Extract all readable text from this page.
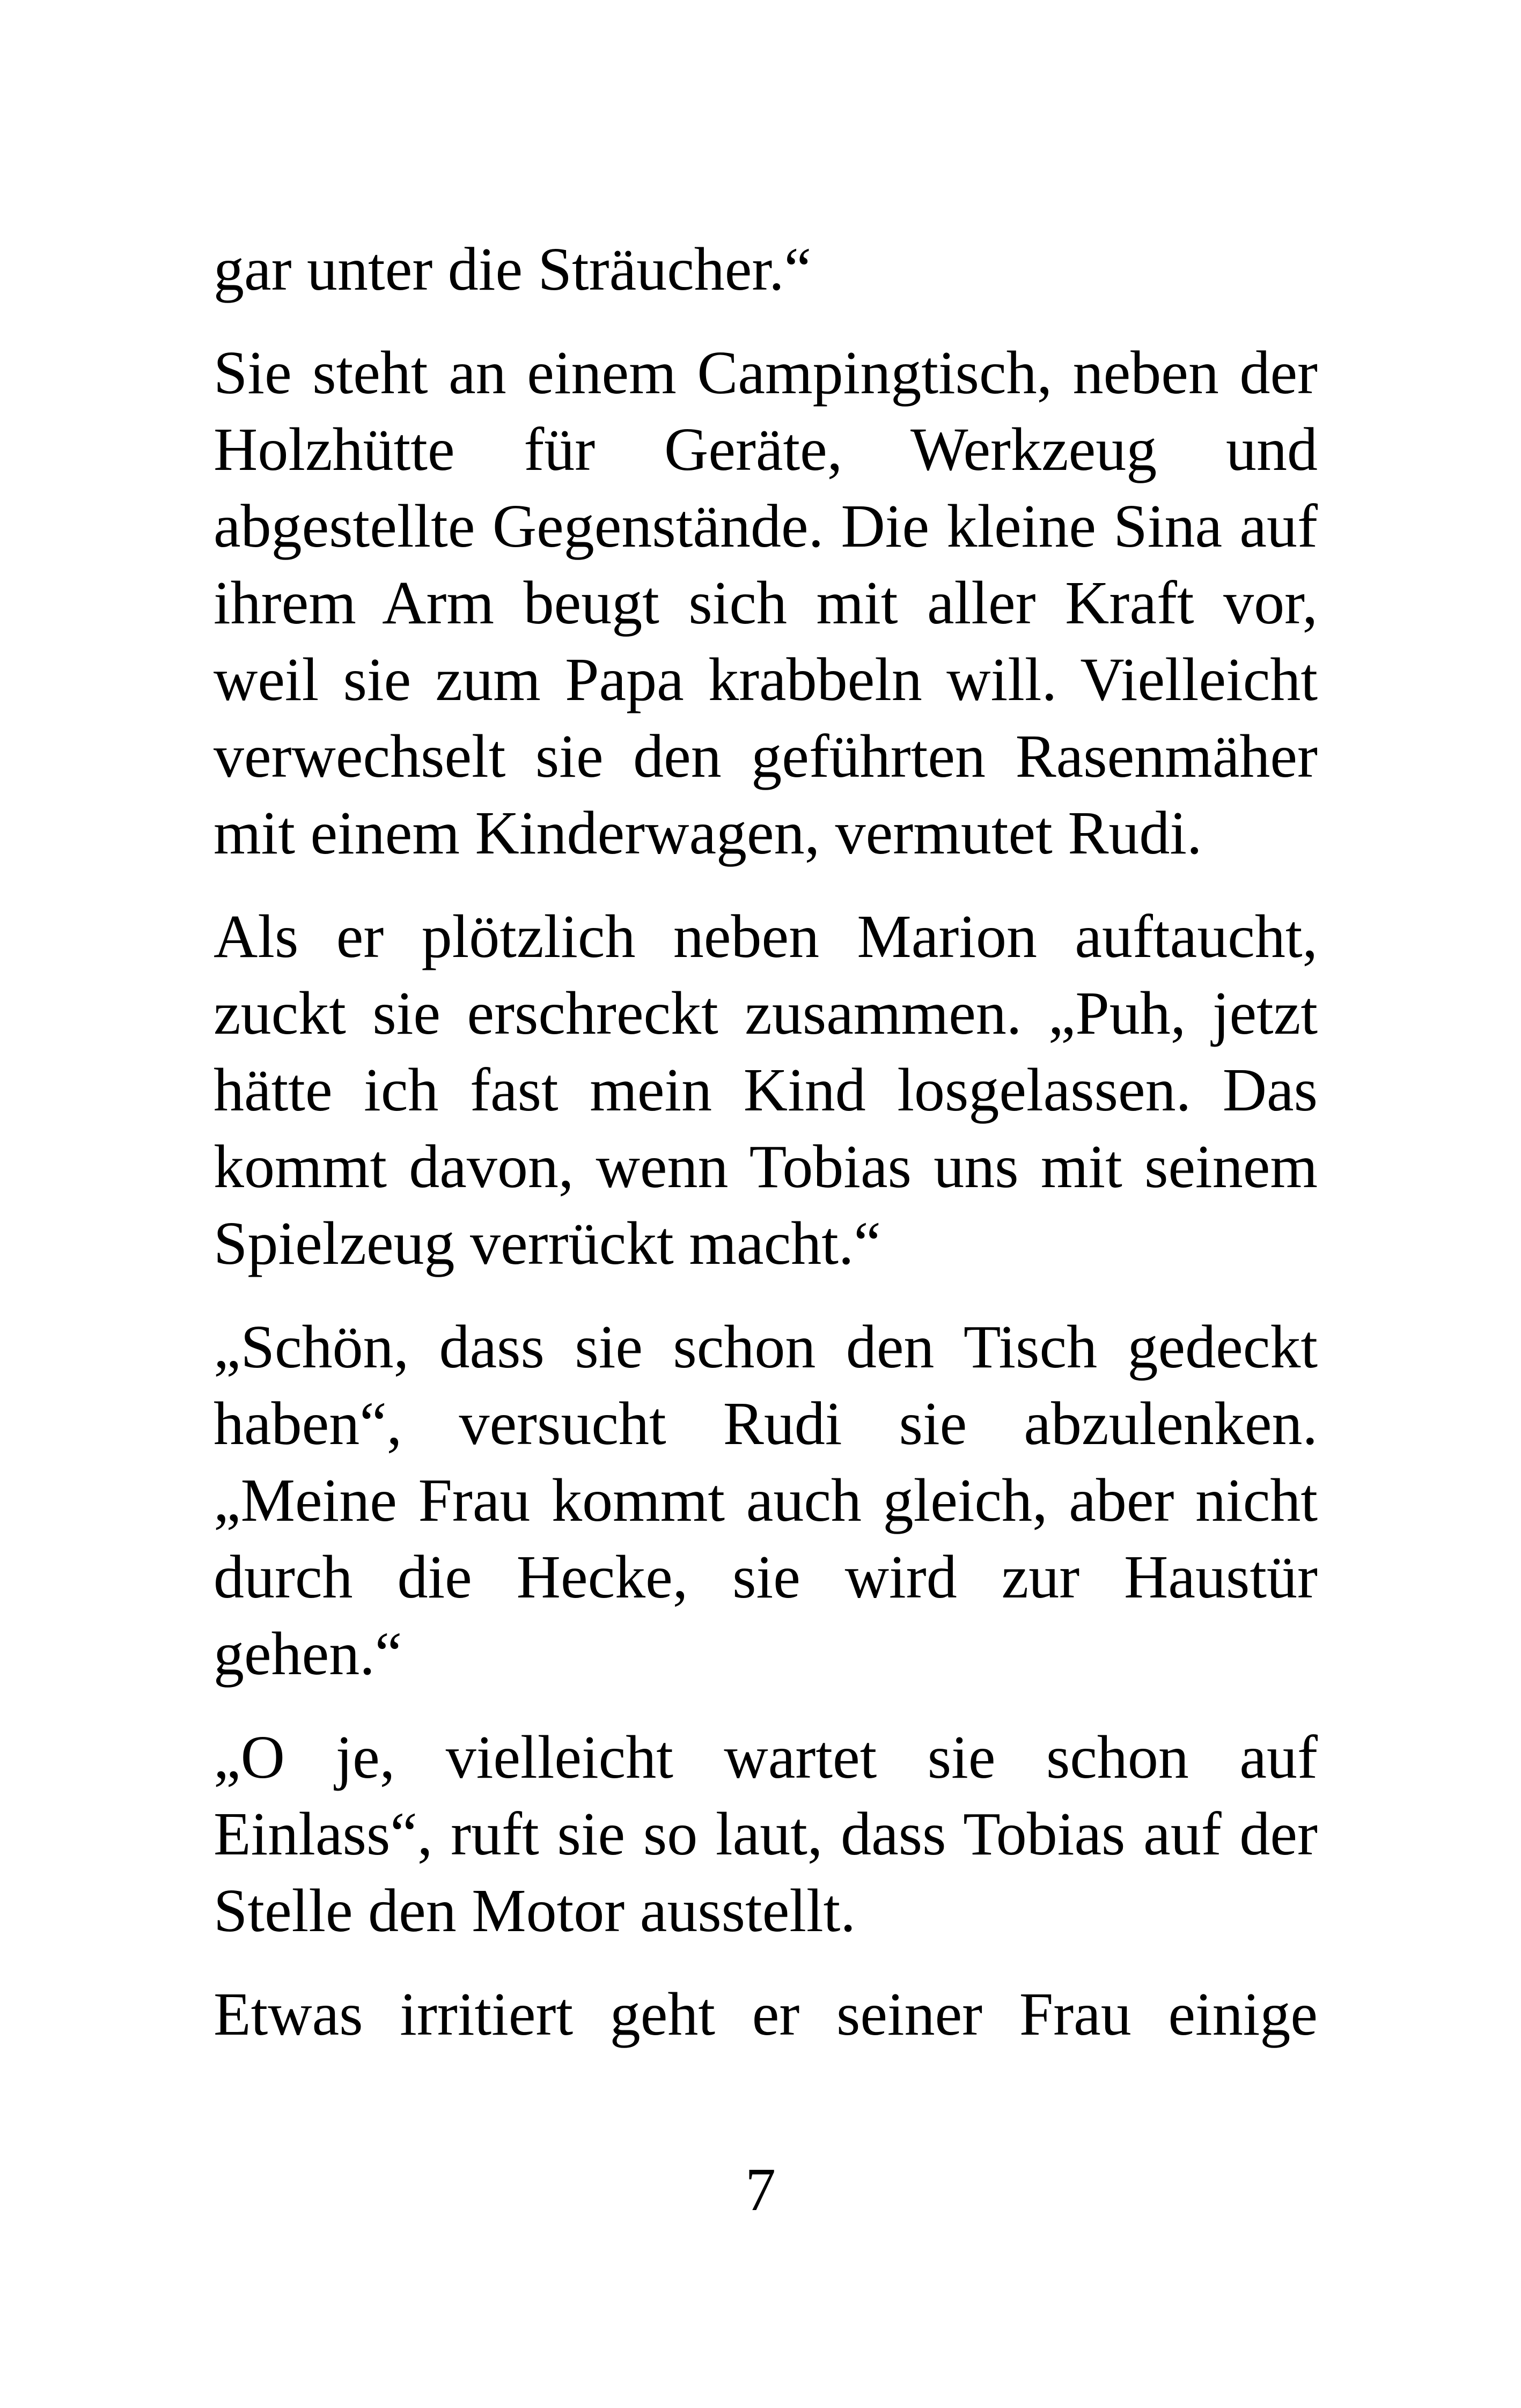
gar unter die Sträucher.“

Sie steht an einem Campingtisch, neben der Holzhütte für Geräte, Werkzeug und abgestellte Gegenstände. Die kleine Sina auf ihrem Arm beugt sich mit aller Kraft vor, weil sie zum Papa krabbeln will. Vielleicht verwechselt sie den geführten Rasenmäher mit einem Kinderwagen, vermutet Rudi.

Als er plötzlich neben Marion auftaucht, zuckt sie erschreckt zusammen. „Puh, jetzt hätte ich fast mein Kind losgelassen. Das kommt davon, wenn Tobias uns mit seinem Spielzeug verrückt macht.“

„Schön, dass sie schon den Tisch gedeckt haben“, versucht Rudi sie abzulenken. „Meine Frau kommt auch gleich, aber nicht durch die Hecke, sie wird zur Haustür gehen.“

„O je, vielleicht wartet sie schon auf Einlass“, ruft sie so laut, dass Tobias auf der Stelle den Motor ausstellt.

Etwas irritiert geht er seiner Frau einige

7
